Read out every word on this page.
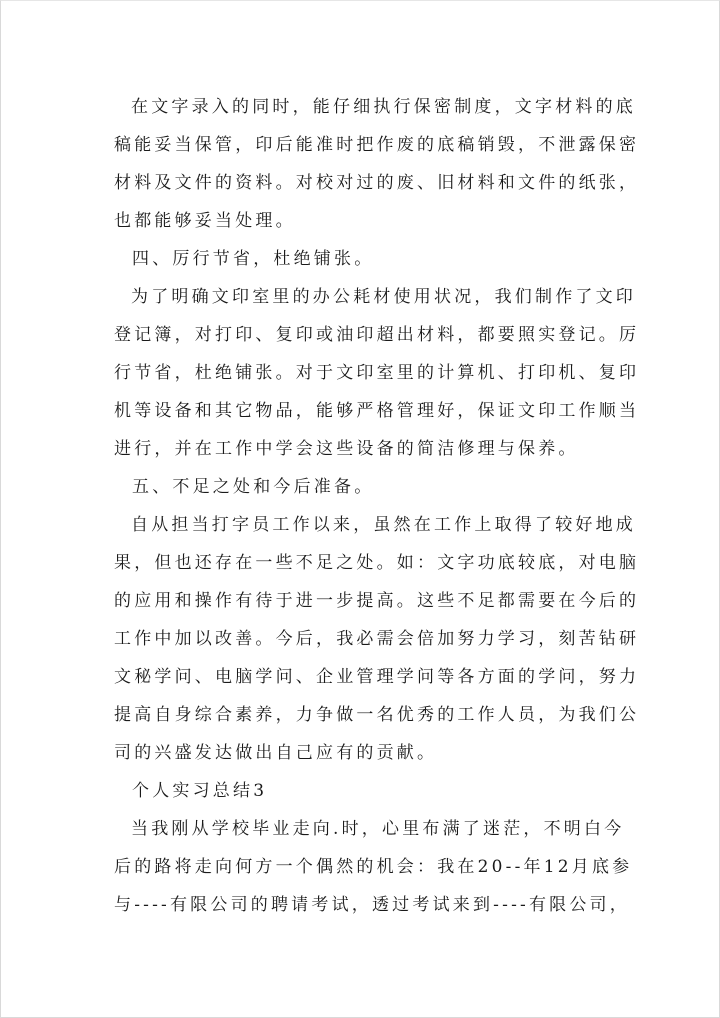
在文字录入的同时，能仔细执行保密制度，文字材料的底
稿能妥当保管，印后能准时把作废的底稿销毁，不泄露保密
材料及文件的资料。对校对过的废、旧材料和文件的纸张，
也都能够妥当处理。
四、厉行节省，杜绝铺张。
为了明确文印室里的办公耗材使用状况，我们制作了文印
登记簿，对打印、复印或油印超出材料，都要照实登记。厉
行节省，杜绝铺张。对于文印室里的计算机、打印机、复印
机等设备和其它物品，能够严格管理好，保证文印工作顺当
进行，并在工作中学会这些设备的简洁修理与保养。
五、不足之处和今后准备。
自从担当打字员工作以来，虽然在工作上取得了较好地成
果，但也还存在一些不足之处。如：文字功底较底，对电脑
的应用和操作有待于进一步提高。这些不足都需要在今后的
工作中加以改善。今后，我必需会倍加努力学习，刻苦钻研
文秘学问、电脑学问、企业管理学问等各方面的学问，努力
提高自身综合素养，力争做一名优秀的工作人员，为我们公
司的兴盛发达做出自己应有的贡献。
个人实习总结3
当我刚从学校毕业走向.时，心里布满了迷茫，不明白今
后的路将走向何方一个偶然的机会：我在20--年12月底参
与----有限公司的聘请考试，透过考试来到----有限公司，
